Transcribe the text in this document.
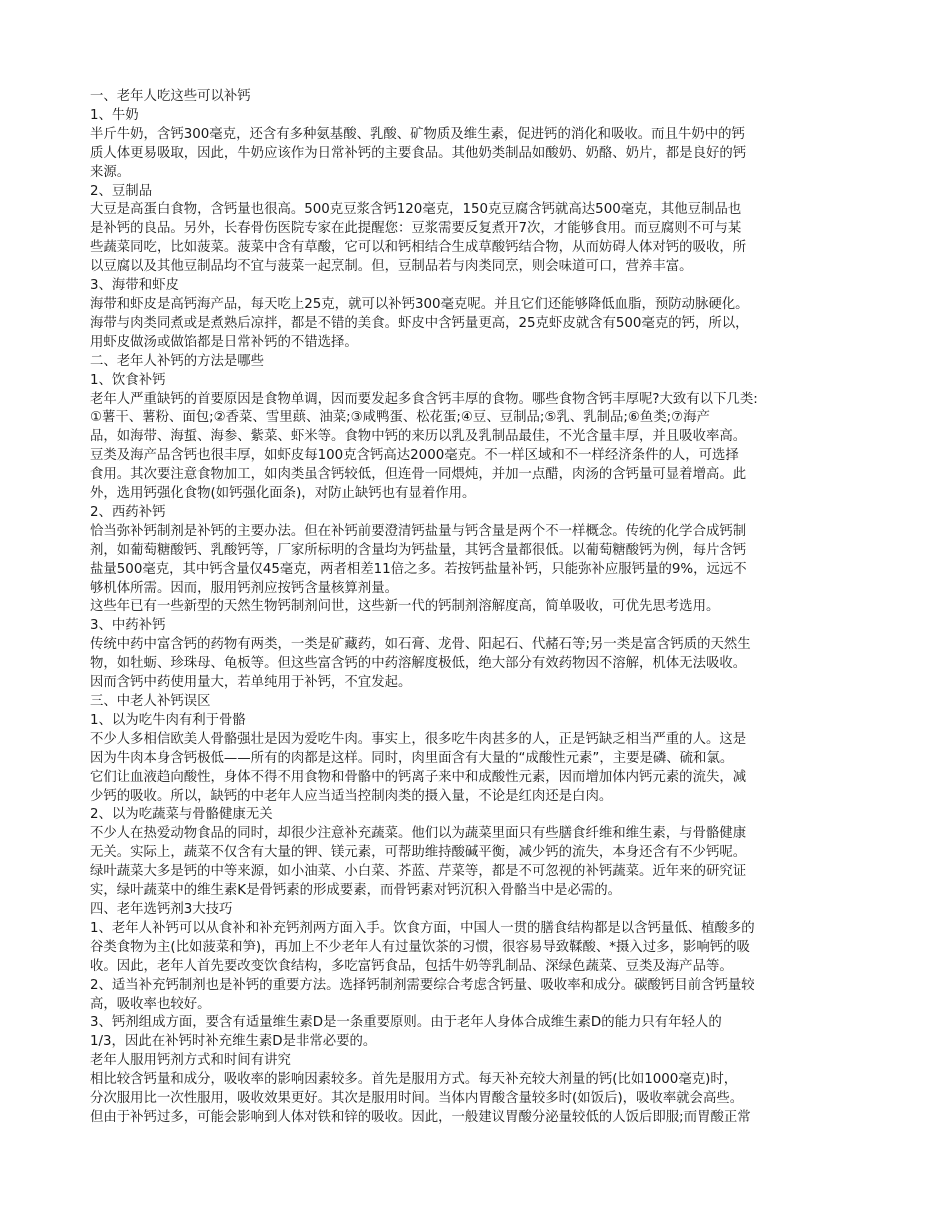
一、老年人吃这些可以补钙
1、牛奶
半斤牛奶，含钙300毫克，还含有多种氨基酸、乳酸、矿物质及维生素，促进钙的消化和吸收。而且牛奶中的钙
质人体更易吸取，因此，牛奶应该作为日常补钙的主要食品。其他奶类制品如酸奶、奶酪、奶片，都是良好的钙
来源。
2、豆制品
大豆是高蛋白食物，含钙量也很高。500克豆浆含钙120毫克，150克豆腐含钙就高达500毫克，其他豆制品也
是补钙的良品。另外，长春骨伤医院专家在此提醒您：豆浆需要反复煮开7次，才能够食用。而豆腐则不可与某
些蔬菜同吃，比如菠菜。菠菜中含有草酸，它可以和钙相结合生成草酸钙结合物，从而妨碍人体对钙的吸收，所
以豆腐以及其他豆制品均不宜与菠菜一起烹制。但，豆制品若与肉类同烹，则会味道可口，营养丰富。
3、海带和虾皮
海带和虾皮是高钙海产品，每天吃上25克，就可以补钙300毫克呢。并且它们还能够降低血脂，预防动脉硬化。
海带与肉类同煮或是煮熟后凉拌，都是不错的美食。虾皮中含钙量更高，25克虾皮就含有500毫克的钙，所以，
用虾皮做汤或做馅都是日常补钙的不错选择。
二、老年人补钙的方法是哪些
1、饮食补钙
老年人严重缺钙的首要原因是食物单调，因而要发起多食含钙丰厚的食物。哪些食物含钙丰厚呢?大致有以下几类:
①薯干、薯粉、面包;②香菜、雪里蕻、油菜;③咸鸭蛋、松花蛋;④豆、豆制品;⑤乳、乳制品;⑥鱼类;⑦海产
品，如海带、海蜇、海参、紫菜、虾米等。食物中钙的来历以乳及乳制品最佳，不光含量丰厚，并且吸收率高。
豆类及海产品含钙也很丰厚，如虾皮每100克含钙高达2000毫克。不一样区域和不一样经济条件的人，可选择
食用。其次要注意食物加工，如肉类虽含钙较低，但连骨一同煨炖，并加一点醋，肉汤的含钙量可显着增高。此
外，选用钙强化食物(如钙强化面条)，对防止缺钙也有显着作用。
2、西药补钙
恰当弥补钙制剂是补钙的主要办法。但在补钙前要澄清钙盐量与钙含量是两个不一样概念。传统的化学合成钙制
剂，如葡萄糖酸钙、乳酸钙等，厂家所标明的含量均为钙盐量，其钙含量都很低。以葡萄糖酸钙为例，每片含钙
盐量500毫克，其中钙含量仅45毫克，两者相差11倍之多。若按钙盐量补钙，只能弥补应服钙量的9%，远远不
够机体所需。因而，服用钙剂应按钙含量核算剂量。
这些年已有一些新型的天然生物钙制剂问世，这些新一代的钙制剂溶解度高，简单吸收，可优先思考选用。
3、中药补钙
传统中药中富含钙的药物有两类，一类是矿藏药，如石膏、龙骨、阳起石、代赭石等;另一类是富含钙质的天然生
物，如牡蛎、珍珠母、龟板等。但这些富含钙的中药溶解度极低，绝大部分有效药物因不溶解，机体无法吸收。
因而含钙中药使用量大，若单纯用于补钙，不宜发起。
三、中老人补钙误区
1、以为吃牛肉有利于骨骼
不少人多相信欧美人骨骼强壮是因为爱吃牛肉。事实上，很多吃牛肉甚多的人，正是钙缺乏相当严重的人。这是
因为牛肉本身含钙极低——所有的肉都是这样。同时，肉里面含有大量的“成酸性元素”，主要是磷、硫和氯。
它们让血液趋向酸性，身体不得不用食物和骨骼中的钙离子来中和成酸性元素，因而增加体内钙元素的流失，减
少钙的吸收。所以，缺钙的中老年人应当适当控制肉类的摄入量，不论是红肉还是白肉。
2、以为吃蔬菜与骨骼健康无关
不少人在热爱动物食品的同时，却很少注意补充蔬菜。他们以为蔬菜里面只有些膳食纤维和维生素，与骨骼健康
无关。实际上，蔬菜不仅含有大量的钾、镁元素，可帮助维持酸碱平衡，减少钙的流失，本身还含有不少钙呢。
绿叶蔬菜大多是钙的中等来源，如小油菜、小白菜、芥蓝、芹菜等，都是不可忽视的补钙蔬菜。近年来的研究证
实，绿叶蔬菜中的维生素K是骨钙素的形成要素，而骨钙素对钙沉积入骨骼当中是必需的。
四、老年选钙剂3大技巧
1、老年人补钙可以从食补和补充钙剂两方面入手。饮食方面，中国人一贯的膳食结构都是以含钙量低、植酸多的
谷类食物为主(比如菠菜和笋)，再加上不少老年人有过量饮茶的习惯，很容易导致鞣酸、*摄入过多，影响钙的吸
收。因此，老年人首先要改变饮食结构，多吃富钙食品，包括牛奶等乳制品、深绿色蔬菜、豆类及海产品等。
2、适当补充钙制剂也是补钙的重要方法。选择钙制剂需要综合考虑含钙量、吸收率和成分。碳酸钙目前含钙量较
高，吸收率也较好。
3、钙剂组成方面，要含有适量维生素D是一条重要原则。由于老年人身体合成维生素D的能力只有年轻人的
1/3，因此在补钙时补充维生素D是非常必要的。
老年人服用钙剂方式和时间有讲究
相比较含钙量和成分，吸收率的影响因素较多。首先是服用方式。每天补充较大剂量的钙(比如1000毫克)时，
分次服用比一次性服用，吸收效果更好。其次是服用时间。当体内胃酸含量较多时(如饭后)，吸收率就会高些。
但由于补钙过多，可能会影响到人体对铁和锌的吸收。因此，一般建议胃酸分泌量较低的人饭后即服;而胃酸正常
